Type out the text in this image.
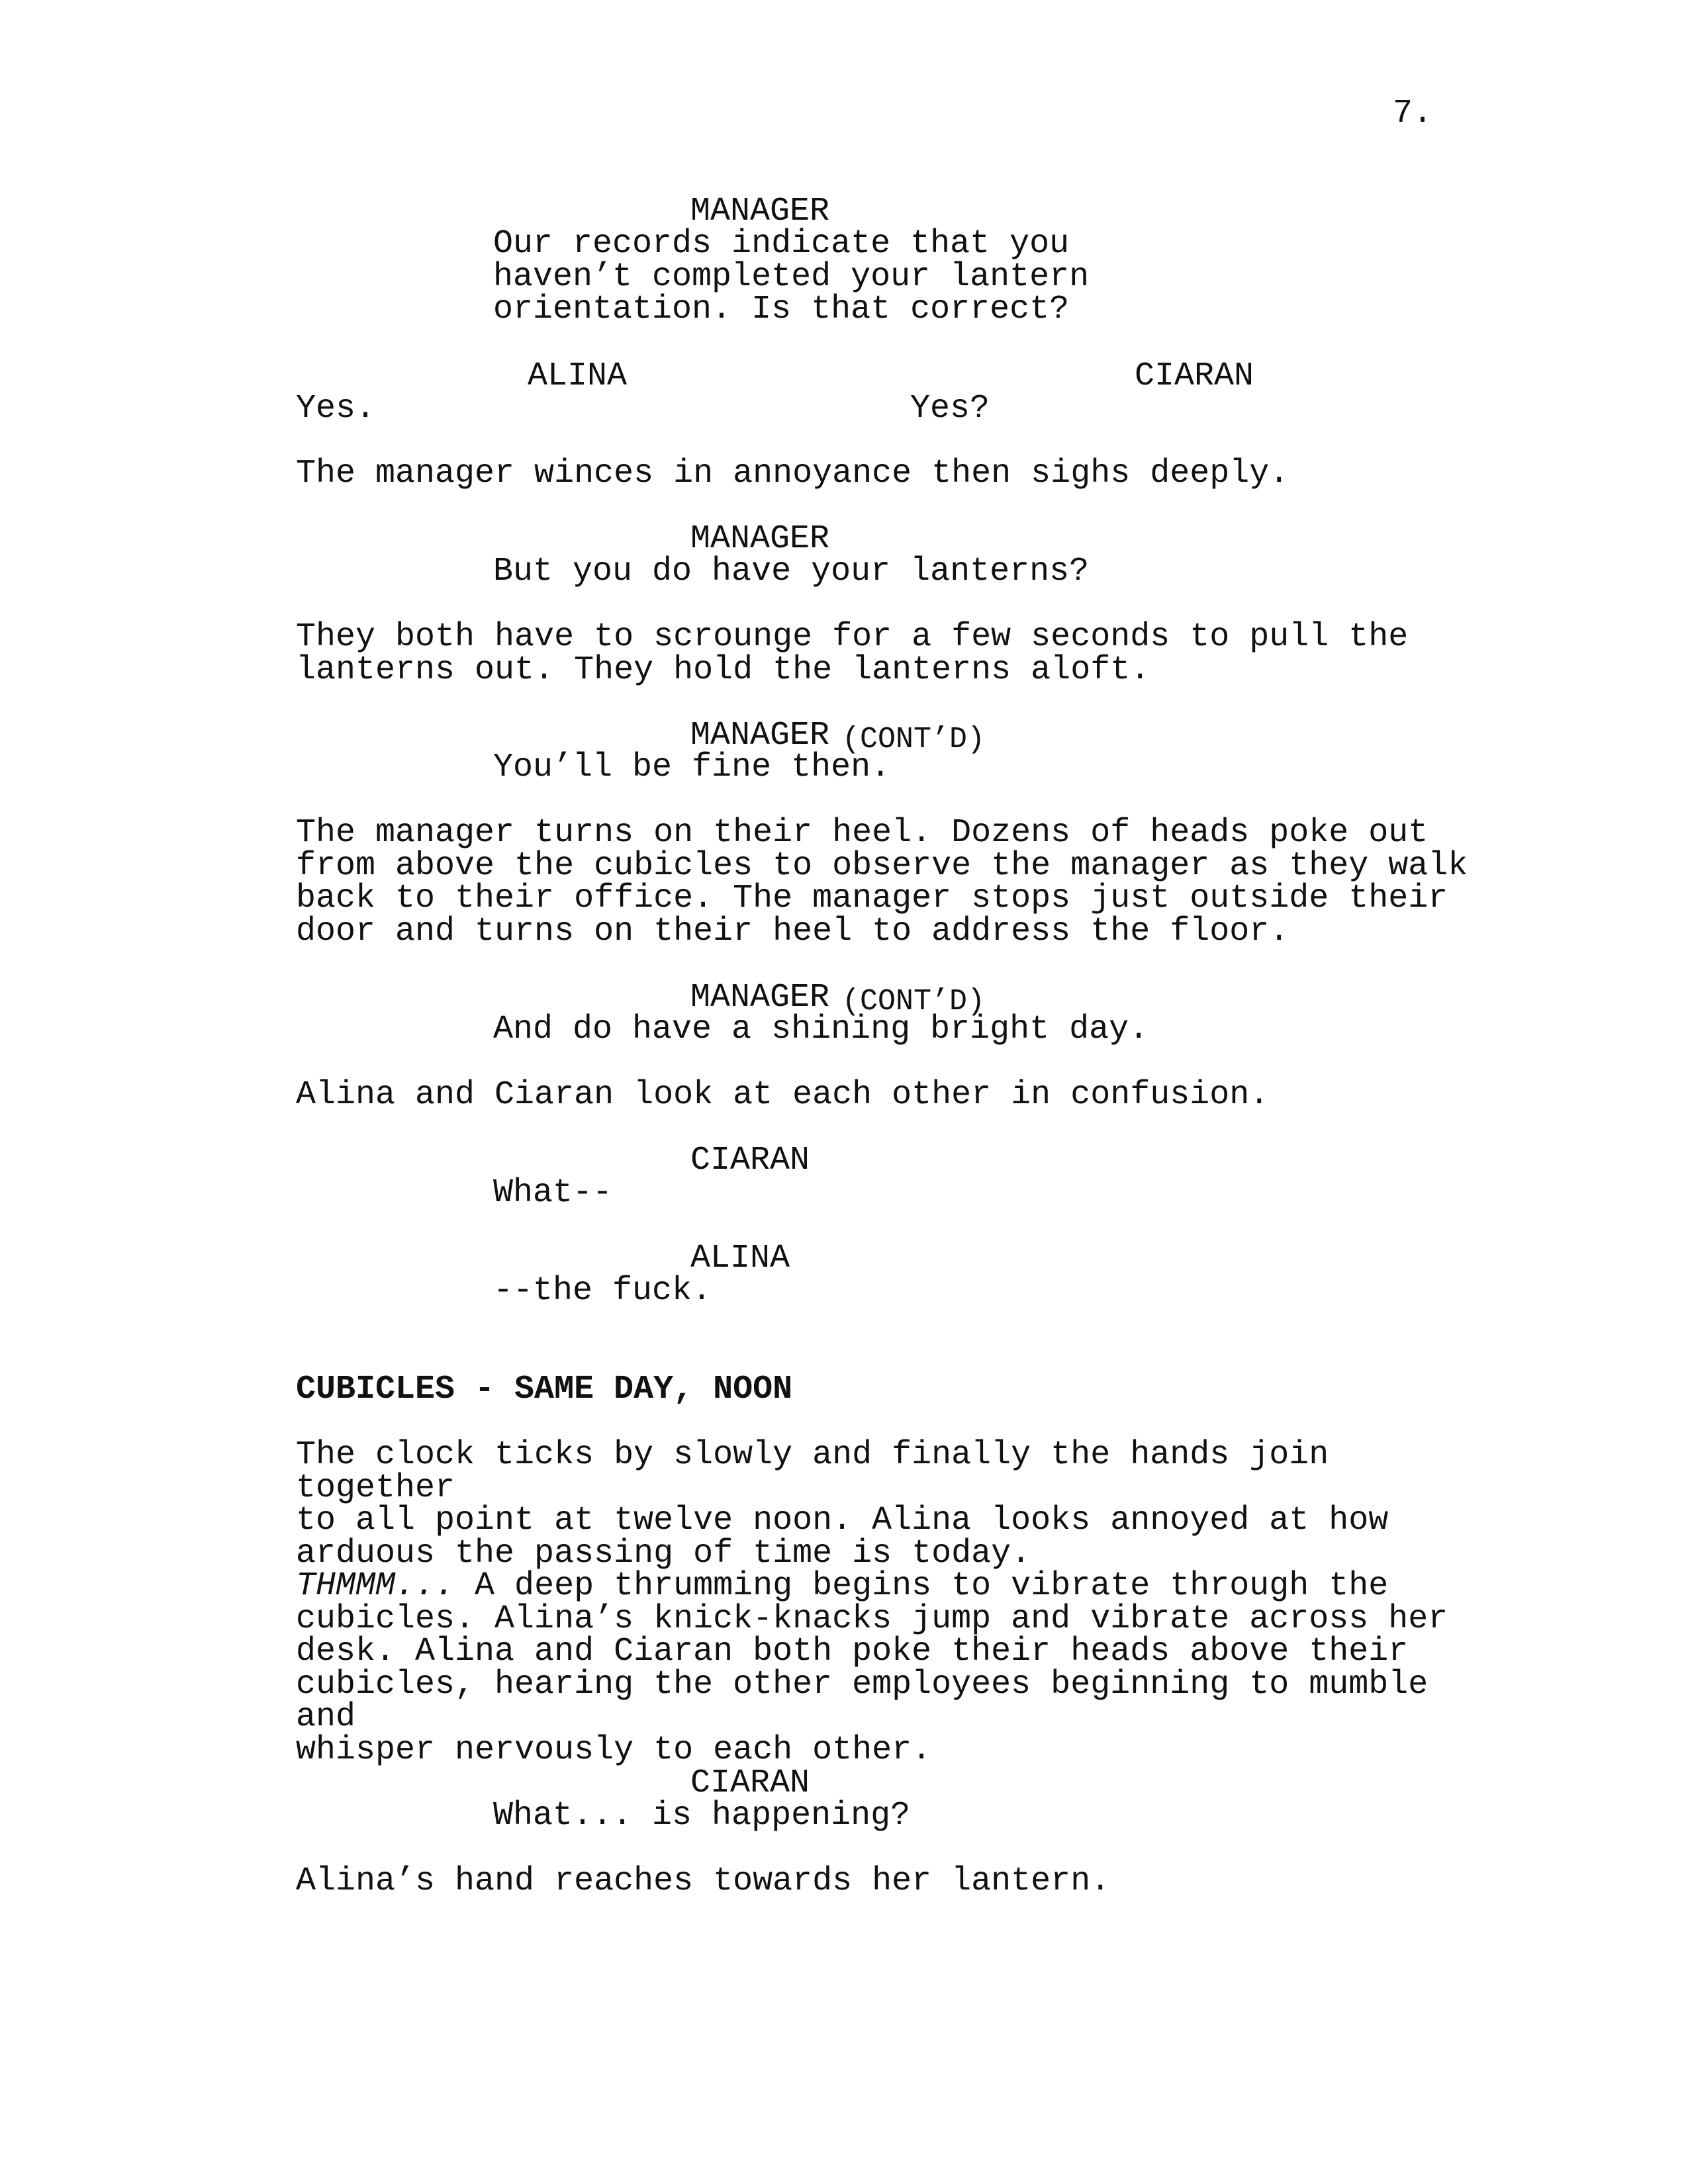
7.
MANAGER
Our records indicate that you
haven’t completed your lantern
orientation. Is that correct?
ALINA
Yes.
CIARAN
Yes?
The manager winces in annoyance then sighs deeply.
MANAGER
But you do have your lanterns?
They both have to scrounge for a few seconds to pull the
lanterns out. They hold the lanterns aloft.
MANAGER (CONT’D)
You’ll be fine then.
The manager turns on their heel. Dozens of heads poke out
from above the cubicles to observe the manager as they walk
back to their office. The manager stops just outside their
door and turns on their heel to address the floor.
MANAGER (CONT’D)
And do have a shining bright day.
Alina and Ciaran look at each other in confusion.
CIARAN
What--
ALINA
--the fuck.
CUBICLES - SAME DAY, NOON
The clock ticks by slowly and finally the hands join together
to all point at twelve noon. Alina looks annoyed at how
arduous the passing of time is today.
THMMM... A deep thrumming begins to vibrate through the
cubicles. Alina’s knick-knacks jump and vibrate across her
desk. Alina and Ciaran both poke their heads above their
cubicles, hearing the other employees beginning to mumble and
whisper nervously to each other.
CIARAN
What... is happening?
Alina’s hand reaches towards her lantern.
